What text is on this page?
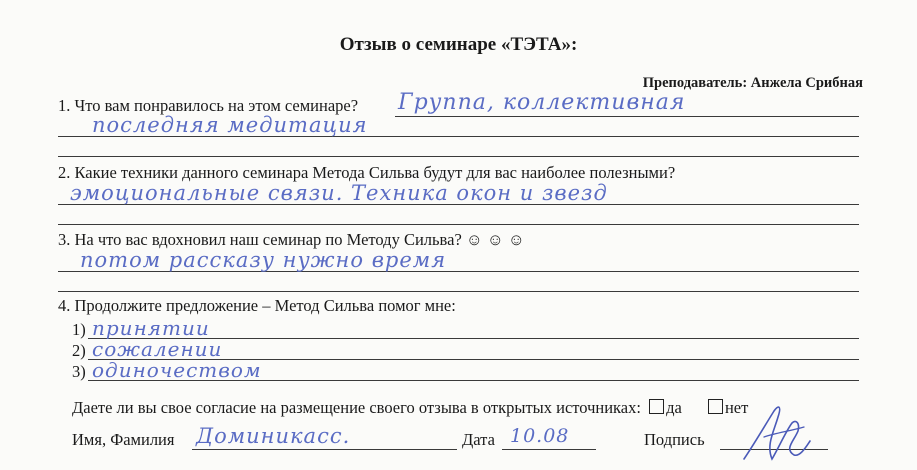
Отзыв о семинаре «ТЭТА»:
Преподаватель: Анжела Срибная
1. Что вам понравилось на этом семинаре? Группа, коллективная
последняя медитация
2. Какие техники данного семинара Метода Сильва будут для вас наиболее полезными?
эмоциональные связи. Техника окон и звезд
3. На что вас вдохновил наш семинар по Методу Сильва? ☺ ☺ ☺
потом рассказу нужно время
4. Продолжите предложение – Метод Сильва помог мне:
1) принятии
2) сожалении
3) одиночеством
Даете ли вы свое согласие на размещение своего отзыва в открытых источниках: да	нет
Имя, Фамилия Доминикасс.	Дата 10.08	Подпись
